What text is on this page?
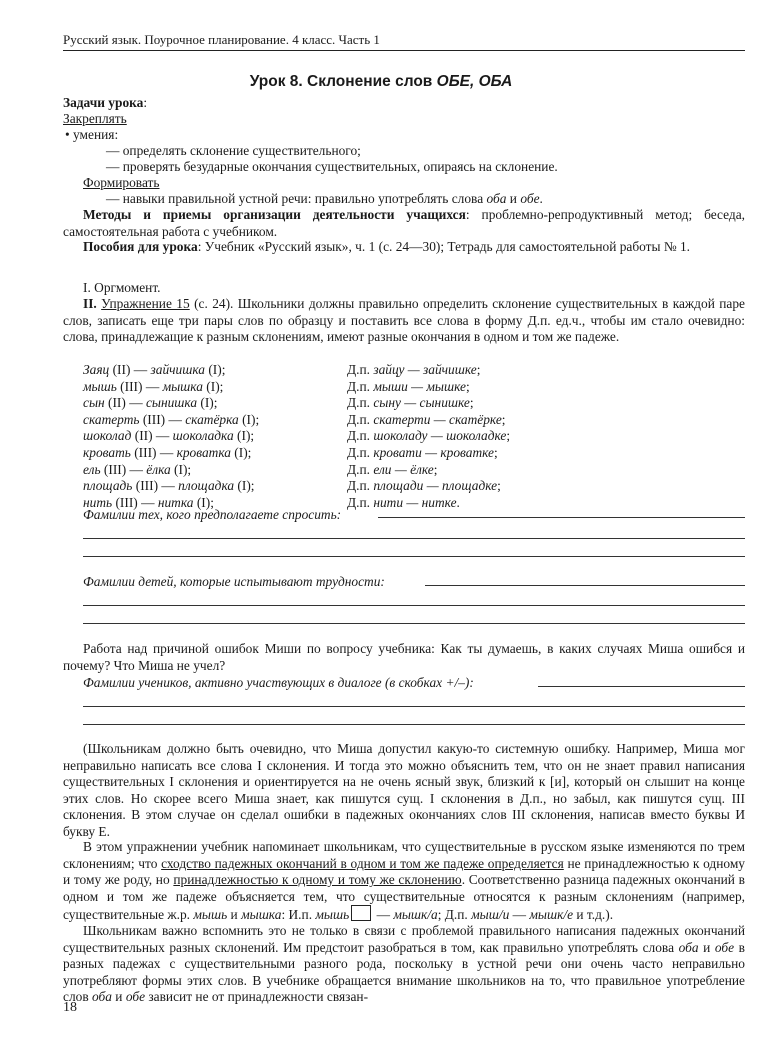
Русский язык. Поурочное планирование. 4 класс. Часть 1
Урок 8. Склонение слов ОБЕ, ОБА
Задачи урока:
Закреплять
• умения:
— определять склонение существительного;
— проверять безударные окончания существительных, опираясь на склонение.
Формировать
— навыки правильной устной речи: правильно употреблять слова оба и обе.
Методы и приемы организации деятельности учащихся: проблемно-репродуктивный метод; беседа, самостоятельная работа с учебником.
Пособия для урока: Учебник «Русский язык», ч. 1 (с. 24—30); Тетрадь для самостоятельной работы № 1.
I. Оргмомент.
II. Упражнение 15 (с. 24). Школьники должны правильно определить склонение существительных в каждой паре слов, записать еще три пары слов по образцу и поставить все слова в форму Д.п. ед.ч., чтобы им стало очевидно: слова, принадлежащие к разным склонениям, имеют разные окончания в одном и том же падеже.
Заяц (II) — зайчишка (I);	Д.п. зайцу — зайчишке;
мышь (III) — мышка (I);	Д.п. мыши — мышке;
сын (II) — сынишка (I);	Д.п. сыну — сынишке;
скатерть (III) — скатёрка (I);	Д.п. скатерти — скатёрке;
шоколад (II) — шоколадка (I);	Д.п. шоколаду — шоколадке;
кровать (III) — кроватка (I);	Д.п. кровати — кроватке;
ель (III) — ёлка (I);	Д.п. ели — ёлке;
площадь (III) — площадка (I);	Д.п. площади — площадке;
нить (III) — нитка (I);	Д.п. нити — нитке.
Фамилии тех, кого предполагаете спросить:
Фамилии детей, которые испытывают трудности:
Работа над причиной ошибок Миши по вопросу учебника: Как ты думаешь, в каких случаях Миша ошибся и почему? Что Миша не учел?
Фамилии учеников, активно участвующих в диалоге (в скобках +/–):
(Школьникам должно быть очевидно, что Миша допустил какую-то системную ошибку. Например, Миша мог неправильно написать все слова I склонения. И тогда это можно объяснить тем, что он не знает правил написания существительных I склонения и ориентируется на не очень ясный звук, близкий к [и], который он слышит на конце этих слов. Но скорее всего Миша знает, как пишутся сущ. I склонения в Д.п., но забыл, как пишутся сущ. III склонения. В этом случае он сделал ошибки в падежных окончаниях слов III склонения, написав вместо буквы И букву Е.
В этом упражнении учебник напоминает школьникам, что существительные в русском языке изменяются по трем склонениям; что сходство падежных окончаний в одном и том же падеже определяется не принадлежностью к одному и тому же роду, но принадлежностью к одному и тому же склонению. Соответственно разница падежных окончаний в одном и том же падеже объясняется тем, что существительные относятся к разным склонениям (например, существительные ж.р. мышь и мышка: И.п. мышь — мышк/а; Д.п. мыш/и — мышк/е и т.д.).
Школьникам важно вспомнить это не только в связи с проблемой правильного написания падежных окончаний существительных разных склонений. Им предстоит разобраться в том, как правильно употреблять слова оба и обе в разных падежах с существительными разного рода, поскольку в устной речи они очень часто неправильно употребляют формы этих слов. В учебнике обращается внимание школьников на то, что правильное употребление слов оба и обе зависит не от принадлежности связан-
18
